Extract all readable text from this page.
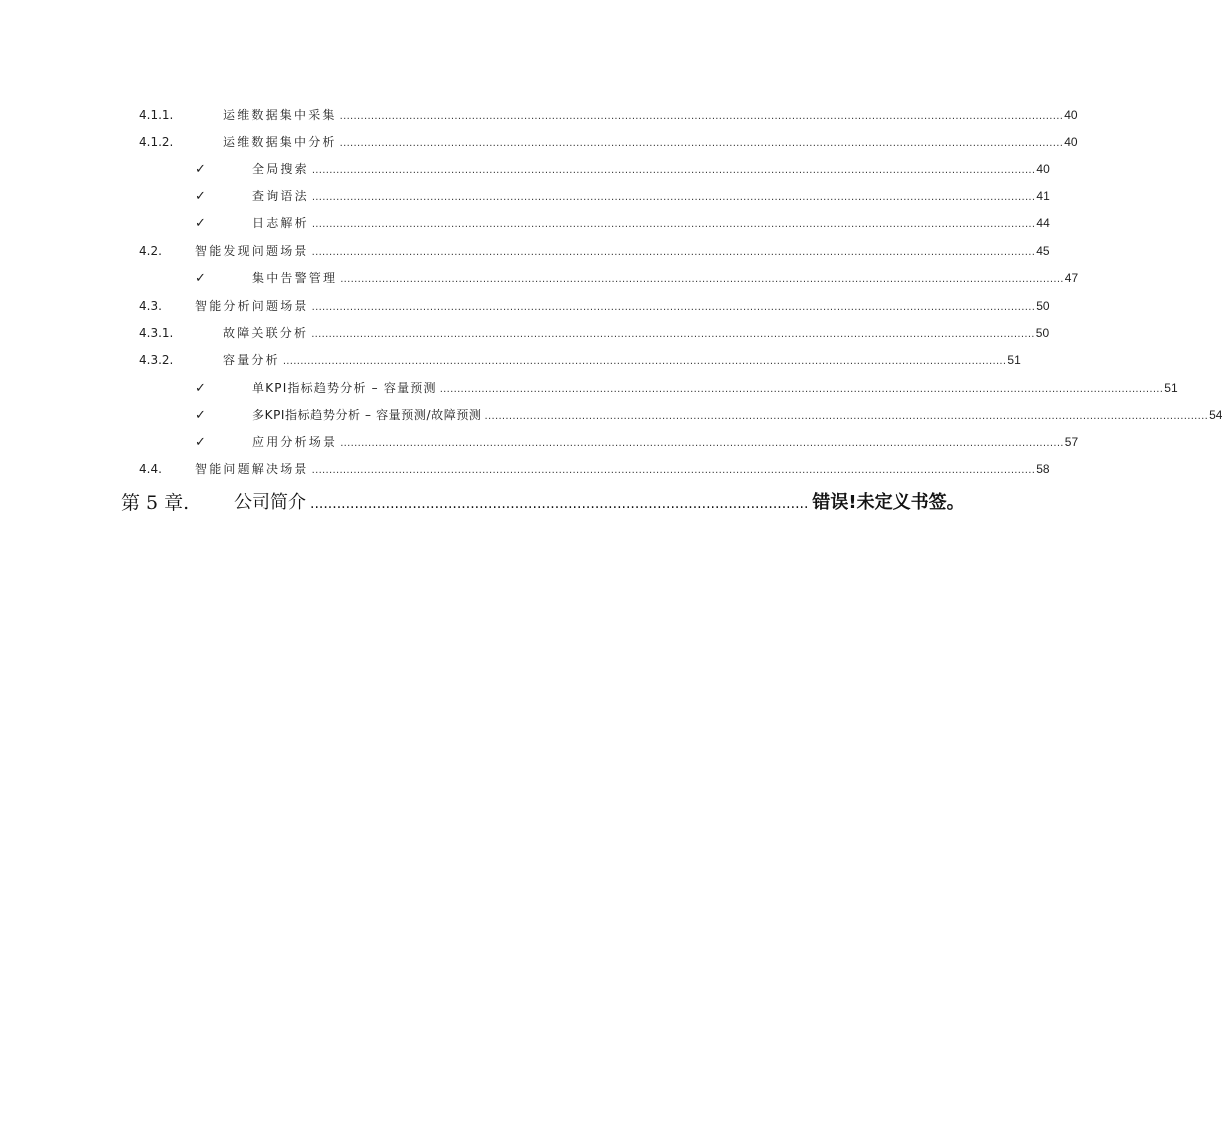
4.1.1.	运维数据集中采集 ................................................................................................................................................................................................................ 40
4.1.2.	运维数据集中分析 ................................................................................................................................................................................................................ 40
✓	全局搜索 ................................................................................................................................................................................................................ 40
✓	查询语法 ................................................................................................................................................................................................................ 41
✓	日志解析 ................................................................................................................................................................................................................ 44
4.2.	智能发现问题场景 ................................................................................................................................................................................................................ 45
✓	集中告警管理 ................................................................................................................................................................................................................ 47
4.3.	智能分析问题场景 ................................................................................................................................................................................................................ 50
4.3.1.	故障关联分析 ................................................................................................................................................................................................................ 50
4.3.2.	容量分析 ................................................................................................................................................................................................................ 51
✓	单KPI指标趋势分析 – 容量预测 ................................................................................................................................................................................................................ 51
✓	多KPI指标趋势分析 – 容量预测/故障预测 ................................................................................................................................................................................................................ 54
✓	应用分析场景 ................................................................................................................................................................................................................ 57
4.4.	智能问题解决场景 ................................................................................................................................................................................................................ 58
第 5 章. 公司简介 ................................................................................................................ 错误!未定义书签。
